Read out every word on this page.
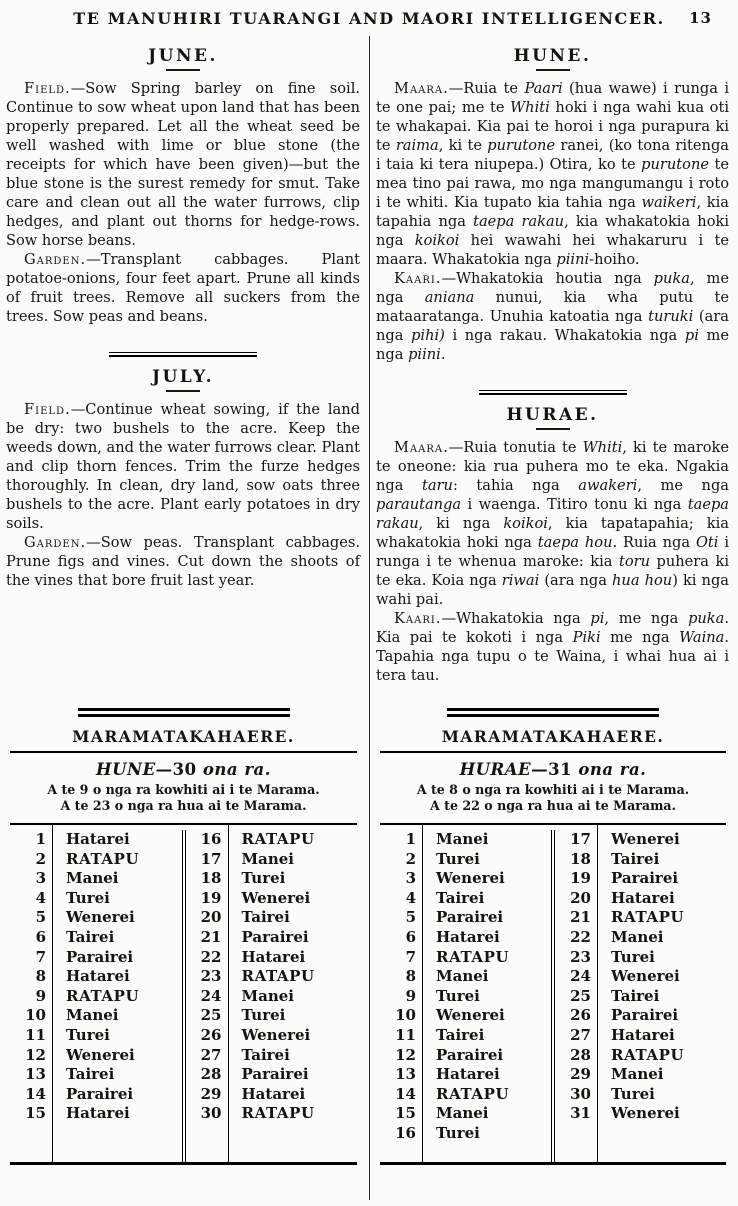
TE MANUHIRI TUARANGI AND MAORI INTELLIGENCER.	13
JUNE.

Field.—Sow Spring barley on fine soil. Continue to sow wheat upon land that has been properly prepared. Let all the wheat seed be well washed with lime or blue stone (the receipts for which have been given)—but the blue stone is the surest remedy for smut. Take care and clean out all the water furrows, clip hedges, and plant out thorns for hedge-rows. Sow horse beans.

Garden.—Transplant cabbages. Plant potatoe-onions, four feet apart. Prune all kinds of fruit trees. Remove all suckers from the trees. Sow peas and beans.

JULY.

Field.—Continue wheat sowing, if the land be dry: two bushels to the acre. Keep the weeds down, and the water furrows clear. Plant and clip thorn fences. Trim the furze hedges thoroughly. In clean, dry land, sow oats three bushels to the acre. Plant early potatoes in dry soils.

Garden.—Sow peas. Transplant cabbages. Prune figs and vines. Cut down the shoots of the vines that bore fruit last year.

MARAMATAKAHAERE.
HUNE—30 ona ra.

A te 9 o nga ra kowhiti ai i te Marama.

A te 23 o nga ra hua ai te Marama.

1	Hatarei
2	RATAPU
3	Manei
4	Turei
5	Wenerei
6	Tairei
7	Parairei
8	Hatarei
9	RATAPU
10	Manei
11	Turei
12	Wenerei
13	Tairei
14	Parairei
15	Hatarei
16	RATAPU
17	Manei
18	Turei
19	Wenerei
20	Tairei
21	Parairei
22	Hatarei
23	RATAPU
24	Manei
25	Turei
26	Wenerei
27	Tairei
28	Parairei
29	Hatarei
30	RATAPU
HUNE.

Maara.—Ruia te Paari (hua wawe) i runga i te one pai; me te Whiti hoki i nga wahi kua oti te whakapai. Kia pai te horoi i nga purapura ki te raima, ki te purutone ranei, (ko tona ritenga i taia ki tera niupepa.) Otira, ko te purutone te mea tino pai rawa, mo nga mangumangu i roto i te whiti. Kia tupato kia tahia nga waikeri, kia tapahia nga taepa rakau, kia whakatokia hoki nga koikoi hei wawahi hei whakaruru i te maara. Whakatokia nga piini-hoiho.

Kaari.—Whakatokia houtia nga puka, me nga aniana nunui, kia wha putu te mataaratanga. Unuhia katoatia nga turuki (ara nga pihi) i nga rakau. Whakatokia nga pi me nga piini.

HURAE.

Maara.—Ruia tonutia te Whiti, ki te maroke te oneone: kia rua puhera mo te eka. Ngakia nga taru: tahia nga awakeri, me nga parautanga i waenga. Titiro tonu ki nga taepa rakau, ki nga koikoi, kia tapatapahia; kia whakatokia hoki nga taepa hou. Ruia nga Oti i runga i te whenua maroke: kia toru puhera ki te eka. Koia nga riwai (ara nga hua hou) ki nga wahi pai.

Kaari.—Whakatokia nga pi, me nga puka. Kia pai te kokoti i nga Piki me nga Waina. Tapahia nga tupu o te Waina, i whai hua ai i tera tau.

MARAMATAKAHAERE.
HURAE—31 ona ra.

A te 8 o nga ra kowhiti ai i te Marama.

A te 22 o nga ra hua ai te Marama.

1	Manei
2	Turei
3	Wenerei
4	Tairei
5	Parairei
6	Hatarei
7	RATAPU
8	Manei
9	Turei
10	Wenerei
11	Tairei
12	Parairei
13	Hatarei
14	RATAPU
15	Manei
16	Turei
17	Wenerei
18	Tairei
19	Parairei
20	Hatarei
21	RATAPU
22	Manei
23	Turei
24	Wenerei
25	Tairei
26	Parairei
27	Hatarei
28	RATAPU
29	Manei
30	Turei
31	Wenerei
